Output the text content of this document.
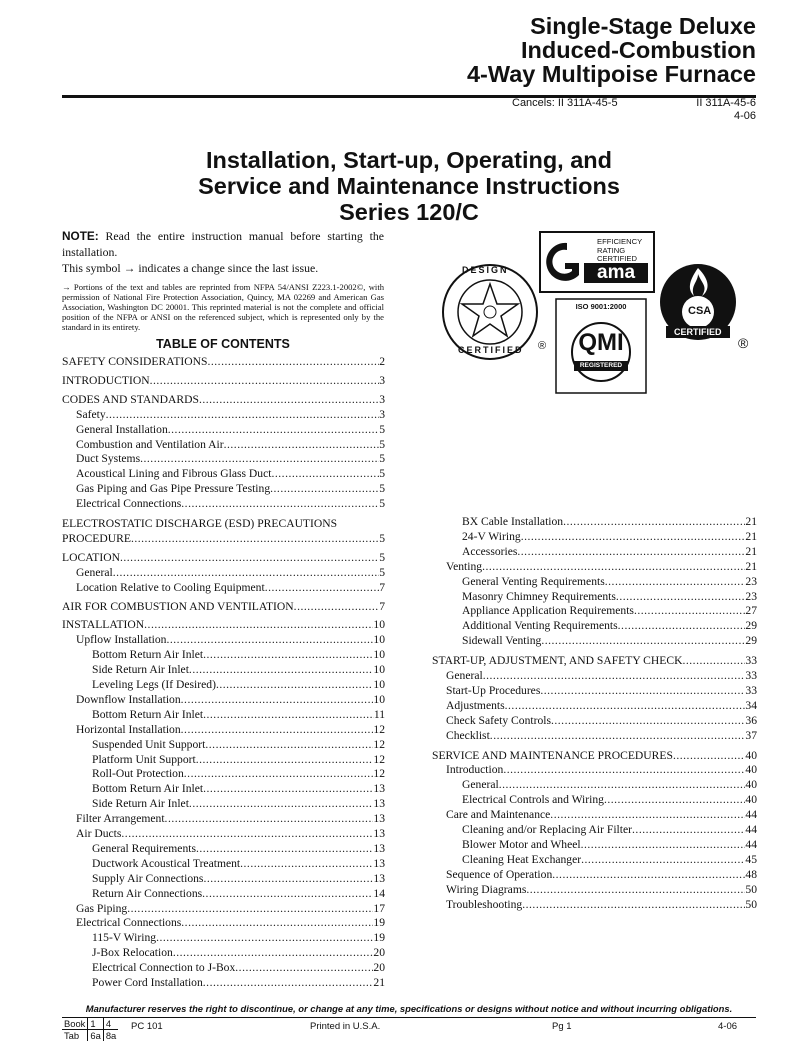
Single-Stage Deluxe
Induced-Combustion
4-Way Multipoise Furnace
Cancels: II 311A-45-5	II 311A-45-6
4-06
Installation, Start-up, Operating, and
Service and Maintenance Instructions
Series 120/C
NOTE: Read the entire instruction manual before starting the installation.
This symbol → indicates a change since the last issue.
→ Portions of the text and tables are reprinted from NFPA 54/ANSI Z223.1-2002©, with permission of National Fire Protection Association, Quincy, MA 02269 and American Gas Association, Washington DC 20001. This reprinted material is not the complete and official position of the NFPA or ANSI on the referenced subject, which is represented only by the standard in its entirety.
TABLE OF CONTENTS
SAFETY CONSIDERATIONS .....	2
INTRODUCTION .....	3
CODES AND STANDARDS .....	3
Safety .....	3
General Installation .....	5
Combustion and Ventilation Air .....	5
Duct Systems .....	5
Acoustical Lining and Fibrous Glass Duct .....	5
Gas Piping and Gas Pipe Pressure Testing .....	5
Electrical Connections .....	5
ELECTROSTATIC DISCHARGE (ESD) PRECAUTIONS
PROCEDURE .....	5
LOCATION .....	5
General .....	5
Location Relative to Cooling Equipment .....	7
AIR FOR COMBUSTION AND VENTILATION .....	7
INSTALLATION .....	10
Upflow Installation .....	10
Bottom Return Air Inlet .....	10
Side Return Air Inlet .....	10
Leveling Legs (If Desired) .....	10
Downflow Installation .....	10
Bottom Return Air Inlet .....	11
Horizontal Installation .....	12
Suspended Unit Support .....	12
Platform Unit Support .....	12
Roll-Out Protection .....	12
Bottom Return Air Inlet .....	13
Side Return Air Inlet .....	13
Filter Arrangement .....	13
Air Ducts .....	13
General Requirements .....	13
Ductwork Acoustical Treatment .....	13
Supply Air Connections .....	13
Return Air Connections .....	14
Gas Piping .....	17
Electrical Connections .....	19
115-V Wiring .....	19
J-Box Relocation .....	20
Electrical Connection to J-Box .....	20
Power Cord Installation .....	21
BX Cable Installation .....	21
24-V Wiring .....	21
Accessories .....	21
Venting .....	21
General Venting Requirements .....	23
Masonry Chimney Requirements .....	23
Appliance Application Requirements .....	27
Additional Venting Requirements .....	29
Sidewall Venting .....	29
START-UP, ADJUSTMENT, AND SAFETY CHECK .....	33
General .....	33
Start-Up Procedures .....	33
Adjustments .....	34
Check Safety Controls .....	36
Checklist .....	37
SERVICE AND MAINTENANCE PROCEDURES .....	40
Introduction .....	40
General .....	40
Electrical Controls and Wiring .....	40
Care and Maintenance .....	44
Cleaning and/or Replacing Air Filter .....	44
Blower Motor and Wheel .....	44
Cleaning Heat Exchanger .....	45
Sequence of Operation .....	48
Wiring Diagrams .....	50
Troubleshooting .....	50
EFFICIENCY
RATING
CERTIFIED
ama
DESIGN
CERTIFIED ®
ISO 9001:2000
QMI
REGISTERED
CSA
CERTIFIED
®
Manufacturer reserves the right to discontinue, or change at any time, specifications or designs without notice and without incurring obligations.
Book	1	4
Tab	6a	8a
PC 101	Printed in U.S.A.	Pg 1	4-06
